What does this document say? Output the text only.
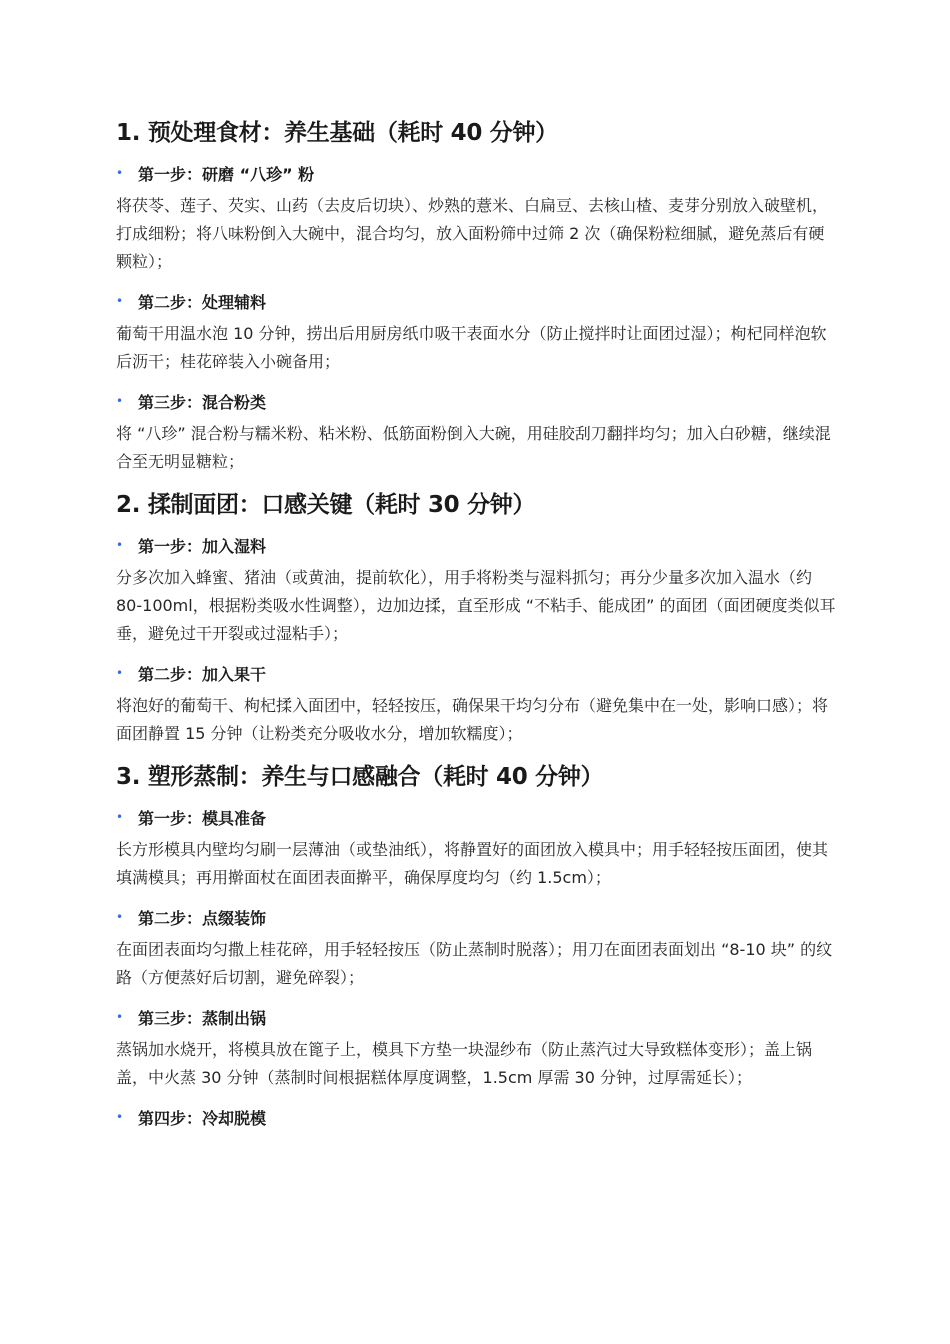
1. 预处理食材：养生基础（耗时 40 分钟）
• 第一步：研磨 “八珍” 粉

将茯苓、莲子、芡实、山药（去皮后切块）、炒熟的薏米、白扁豆、去核山楂、麦芽分别放入破壁机，打成细粉；将八味粉倒入大碗中，混合均匀，放入面粉筛中过筛 2 次（确保粉粒细腻，避免蒸后有硬颗粒）；

• 第二步：处理辅料

葡萄干用温水泡 10 分钟，捞出后用厨房纸巾吸干表面水分（防止搅拌时让面团过湿）；枸杞同样泡软后沥干；桂花碎装入小碗备用；

• 第三步：混合粉类

将 “八珍” 混合粉与糯米粉、粘米粉、低筋面粉倒入大碗，用硅胶刮刀翻拌均匀；加入白砂糖，继续混合至无明显糖粒；

2. 揉制面团：口感关键（耗时 30 分钟）
• 第一步：加入湿料

分多次加入蜂蜜、猪油（或黄油，提前软化），用手将粉类与湿料抓匀；再分少量多次加入温水（约 80-100ml，根据粉类吸水性调整），边加边揉，直至形成 “不粘手、能成团” 的面团（面团硬度类似耳垂，避免过干开裂或过湿粘手）；

• 第二步：加入果干

将泡好的葡萄干、枸杞揉入面团中，轻轻按压，确保果干均匀分布（避免集中在一处，影响口感）；将面团静置 15 分钟（让粉类充分吸收水分，增加软糯度）；

3. 塑形蒸制：养生与口感融合（耗时 40 分钟）
• 第一步：模具准备

长方形模具内壁均匀刷一层薄油（或垫油纸），将静置好的面团放入模具中；用手轻轻按压面团，使其填满模具；再用擀面杖在面团表面擀平，确保厚度均匀（约 1.5cm）；

• 第二步：点缀装饰

在面团表面均匀撒上桂花碎，用手轻轻按压（防止蒸制时脱落）；用刀在面团表面划出 “8-10 块” 的纹路（方便蒸好后切割，避免碎裂）；

• 第三步：蒸制出锅

蒸锅加水烧开，将模具放在篦子上，模具下方垫一块湿纱布（防止蒸汽过大导致糕体变形）；盖上锅盖，中火蒸 30 分钟（蒸制时间根据糕体厚度调整，1.5cm 厚需 30 分钟，过厚需延长）；

• 第四步：冷却脱模
